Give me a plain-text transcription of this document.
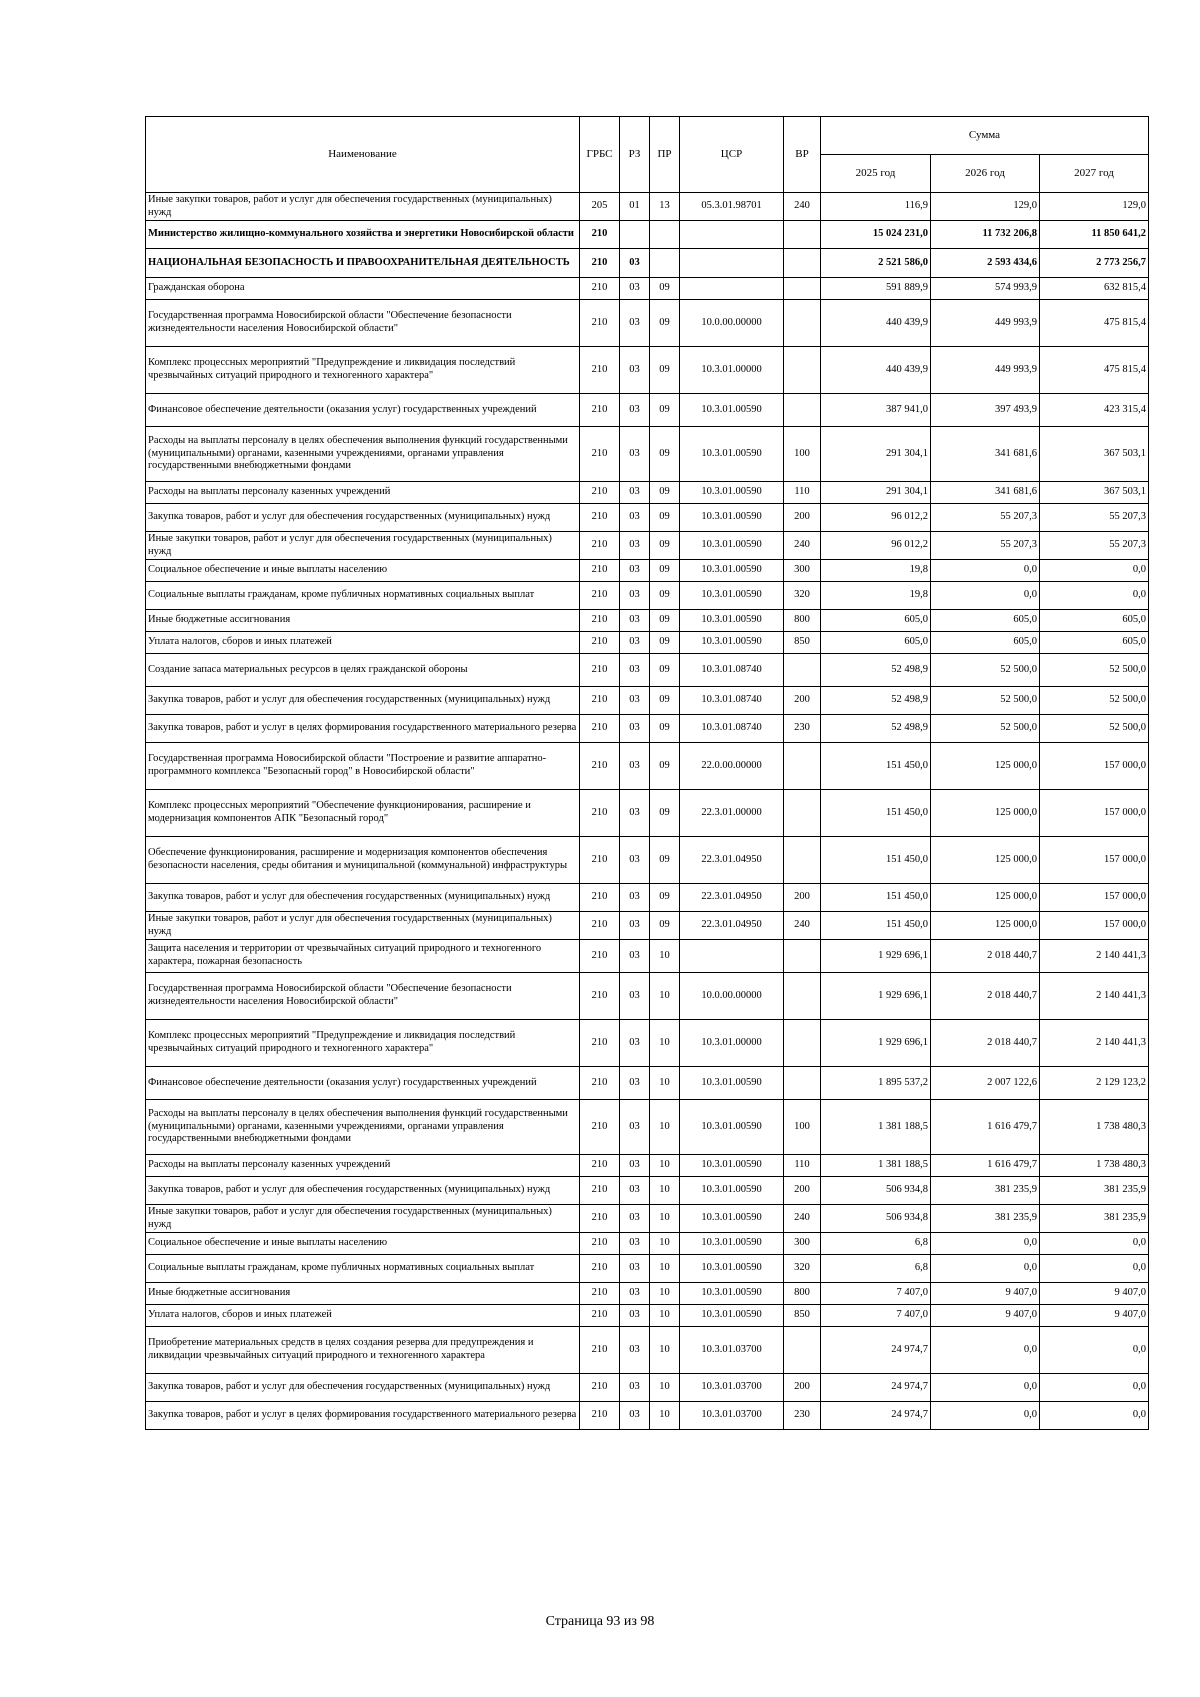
Наименование	ГРБС	РЗ	ПР	ЦСР	ВР	Сумма		
						2025 год	2026 год	2027 год
Иные закупки товаров, работ и услуг для обеспечения государственных (муниципальных) нужд	205	01	13	05.3.01.98701	240	116,9	129,0	129,0
Министерство жилищно-коммунального хозяйства и энергетики Новосибирской области	210					15 024 231,0	11 732 206,8	11 850 641,2
НАЦИОНАЛЬНАЯ БЕЗОПАСНОСТЬ И ПРАВООХРАНИТЕЛЬНАЯ ДЕЯТЕЛЬНОСТЬ	210	03				2 521 586,0	2 593 434,6	2 773 256,7
Гражданская оборона	210	03	09			591 889,9	574 993,9	632 815,4
Государственная программа Новосибирской области "Обеспечение безопасности жизнедеятельности населения Новосибирской области"	210	03	09	10.0.00.00000		440 439,9	449 993,9	475 815,4
Комплекс процессных мероприятий "Предупреждение и ликвидация последствий чрезвычайных ситуаций природного и техногенного характера"	210	03	09	10.3.01.00000		440 439,9	449 993,9	475 815,4
Финансовое обеспечение деятельности (оказания услуг) государственных учреждений	210	03	09	10.3.01.00590		387 941,0	397 493,9	423 315,4
Расходы на выплаты персоналу в целях обеспечения выполнения функций государственными (муниципальными) органами, казенными учреждениями, органами управления государственными внебюджетными фондами	210	03	09	10.3.01.00590	100	291 304,1	341 681,6	367 503,1
Расходы на выплаты персоналу казенных учреждений	210	03	09	10.3.01.00590	110	291 304,1	341 681,6	367 503,1
Закупка товаров, работ и услуг для обеспечения государственных (муниципальных) нужд	210	03	09	10.3.01.00590	200	96 012,2	55 207,3	55 207,3
Иные закупки товаров, работ и услуг для обеспечения государственных (муниципальных) нужд	210	03	09	10.3.01.00590	240	96 012,2	55 207,3	55 207,3
Социальное обеспечение и иные выплаты населению	210	03	09	10.3.01.00590	300	19,8	0,0	0,0
Социальные выплаты гражданам, кроме публичных нормативных социальных выплат	210	03	09	10.3.01.00590	320	19,8	0,0	0,0
Иные бюджетные ассигнования	210	03	09	10.3.01.00590	800	605,0	605,0	605,0
Уплата налогов, сборов и иных платежей	210	03	09	10.3.01.00590	850	605,0	605,0	605,0
Создание запаса материальных ресурсов в целях гражданской обороны	210	03	09	10.3.01.08740		52 498,9	52 500,0	52 500,0
Закупка товаров, работ и услуг для обеспечения государственных (муниципальных) нужд	210	03	09	10.3.01.08740	200	52 498,9	52 500,0	52 500,0
Закупка товаров, работ и услуг в целях формирования государственного материального резерва	210	03	09	10.3.01.08740	230	52 498,9	52 500,0	52 500,0
Государственная программа Новосибирской области "Построение и развитие аппаратно-программного комплекса "Безопасный город" в Новосибирской области"	210	03	09	22.0.00.00000		151 450,0	125 000,0	157 000,0
Комплекс процессных мероприятий "Обеспечение функционирования, расширение и модернизация компонентов АПК "Безопасный город"	210	03	09	22.3.01.00000		151 450,0	125 000,0	157 000,0
Обеспечение функционирования, расширение и модернизация компонентов обеспечения безопасности населения, среды обитания и муниципальной (коммунальной) инфраструктуры	210	03	09	22.3.01.04950		151 450,0	125 000,0	157 000,0
Закупка товаров, работ и услуг для обеспечения государственных (муниципальных) нужд	210	03	09	22.3.01.04950	200	151 450,0	125 000,0	157 000,0
Иные закупки товаров, работ и услуг для обеспечения государственных (муниципальных) нужд	210	03	09	22.3.01.04950	240	151 450,0	125 000,0	157 000,0
Защита населения и территории от чрезвычайных ситуаций природного и техногенного характера, пожарная безопасность	210	03	10			1 929 696,1	2 018 440,7	2 140 441,3
Государственная программа Новосибирской области "Обеспечение безопасности жизнедеятельности населения Новосибирской области"	210	03	10	10.0.00.00000		1 929 696,1	2 018 440,7	2 140 441,3
Комплекс процессных мероприятий "Предупреждение и ликвидация последствий чрезвычайных ситуаций природного и техногенного характера"	210	03	10	10.3.01.00000		1 929 696,1	2 018 440,7	2 140 441,3
Финансовое обеспечение деятельности (оказания услуг) государственных учреждений	210	03	10	10.3.01.00590		1 895 537,2	2 007 122,6	2 129 123,2
Расходы на выплаты персоналу в целях обеспечения выполнения функций государственными (муниципальными) органами, казенными учреждениями, органами управления государственными внебюджетными фондами	210	03	10	10.3.01.00590	100	1 381 188,5	1 616 479,7	1 738 480,3
Расходы на выплаты персоналу казенных учреждений	210	03	10	10.3.01.00590	110	1 381 188,5	1 616 479,7	1 738 480,3
Закупка товаров, работ и услуг для обеспечения государственных (муниципальных) нужд	210	03	10	10.3.01.00590	200	506 934,8	381 235,9	381 235,9
Иные закупки товаров, работ и услуг для обеспечения государственных (муниципальных) нужд	210	03	10	10.3.01.00590	240	506 934,8	381 235,9	381 235,9
Социальное обеспечение и иные выплаты населению	210	03	10	10.3.01.00590	300	6,8	0,0	0,0
Социальные выплаты гражданам, кроме публичных нормативных социальных выплат	210	03	10	10.3.01.00590	320	6,8	0,0	0,0
Иные бюджетные ассигнования	210	03	10	10.3.01.00590	800	7 407,0	9 407,0	9 407,0
Уплата налогов, сборов и иных платежей	210	03	10	10.3.01.00590	850	7 407,0	9 407,0	9 407,0
Приобретение материальных средств в целях создания резерва для предупреждения и ликвидации чрезвычайных ситуаций природного и техногенного характера	210	03	10	10.3.01.03700		24 974,7	0,0	0,0
Закупка товаров, работ и услуг для обеспечения государственных (муниципальных) нужд	210	03	10	10.3.01.03700	200	24 974,7	0,0	0,0
Закупка товаров, работ и услуг в целях формирования государственного материального резерва	210	03	10	10.3.01.03700	230	24 974,7	0,0	0,0
Страница 93 из 98
